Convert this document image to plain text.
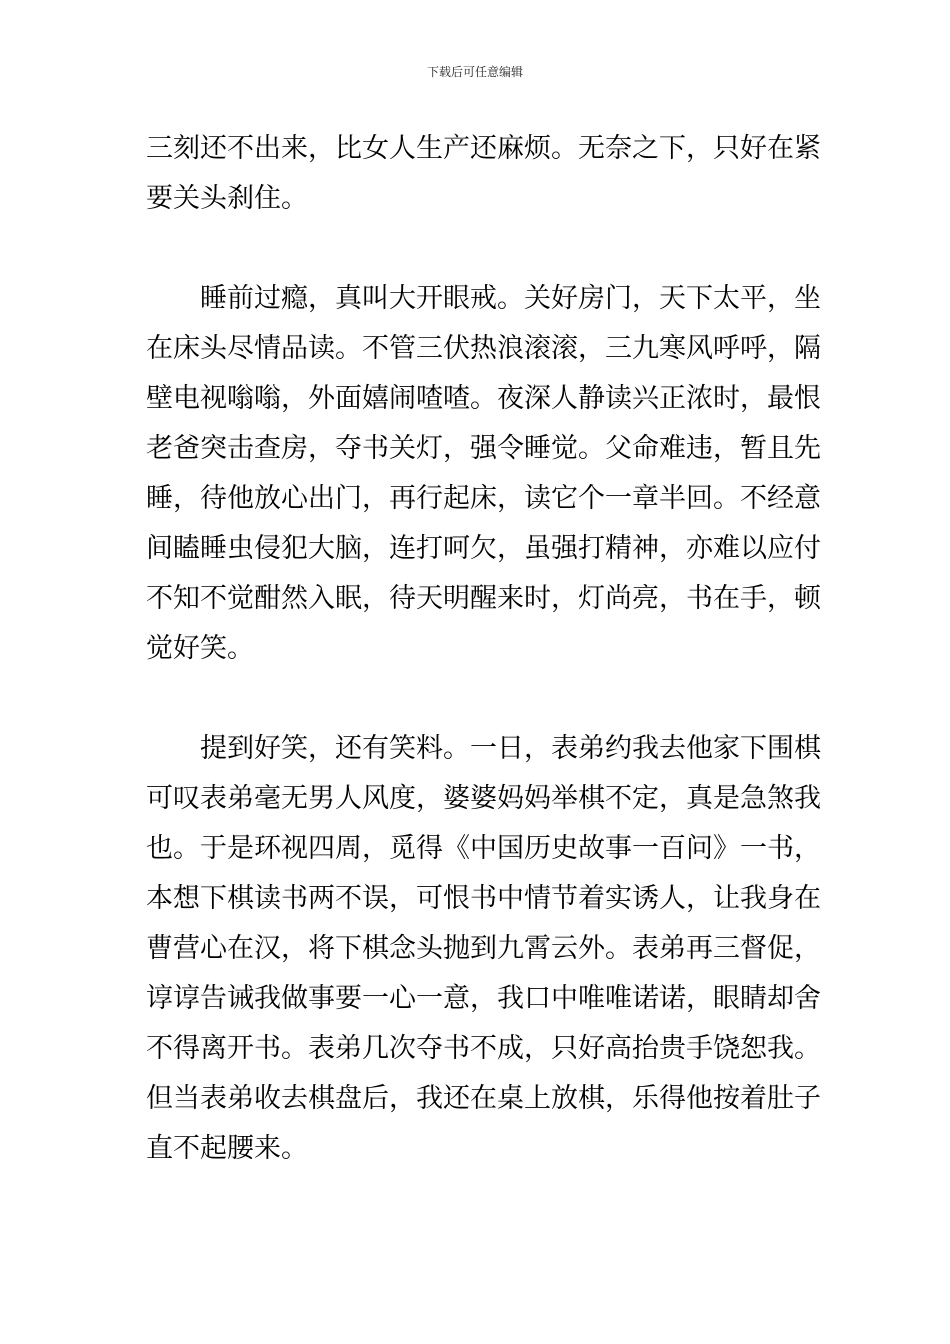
下载后可任意编辑
三刻还不出来，比女人生产还麻烦。无奈之下，只好在紧
要关头刹住。
睡前过瘾，真叫大开眼戒。关好房门，天下太平，坐
在床头尽情品读。不管三伏热浪滚滚，三九寒风呼呼，隔
壁电视嗡嗡，外面嬉闹喳喳。夜深人静读兴正浓时，最恨
老爸突击查房，夺书关灯，强令睡觉。父命难违，暂且先
睡，待他放心出门，再行起床，读它个一章半回。不经意
间瞌睡虫侵犯大脑，连打呵欠，虽强打精神，亦难以应付
不知不觉酣然入眠，待天明醒来时，灯尚亮，书在手，顿
觉好笑。
提到好笑，还有笑料。一日，表弟约我去他家下围棋
可叹表弟毫无男人风度，婆婆妈妈举棋不定，真是急煞我
也。于是环视四周，觅得《中国历史故事一百问》一书，
本想下棋读书两不误，可恨书中情节着实诱人，让我身在
曹营心在汉，将下棋念头抛到九霄云外。表弟再三督促，
谆谆告诫我做事要一心一意，我口中唯唯诺诺，眼睛却舍
不得离开书。表弟几次夺书不成，只好高抬贵手饶恕我。
但当表弟收去棋盘后，我还在桌上放棋，乐得他按着肚子
直不起腰来。
